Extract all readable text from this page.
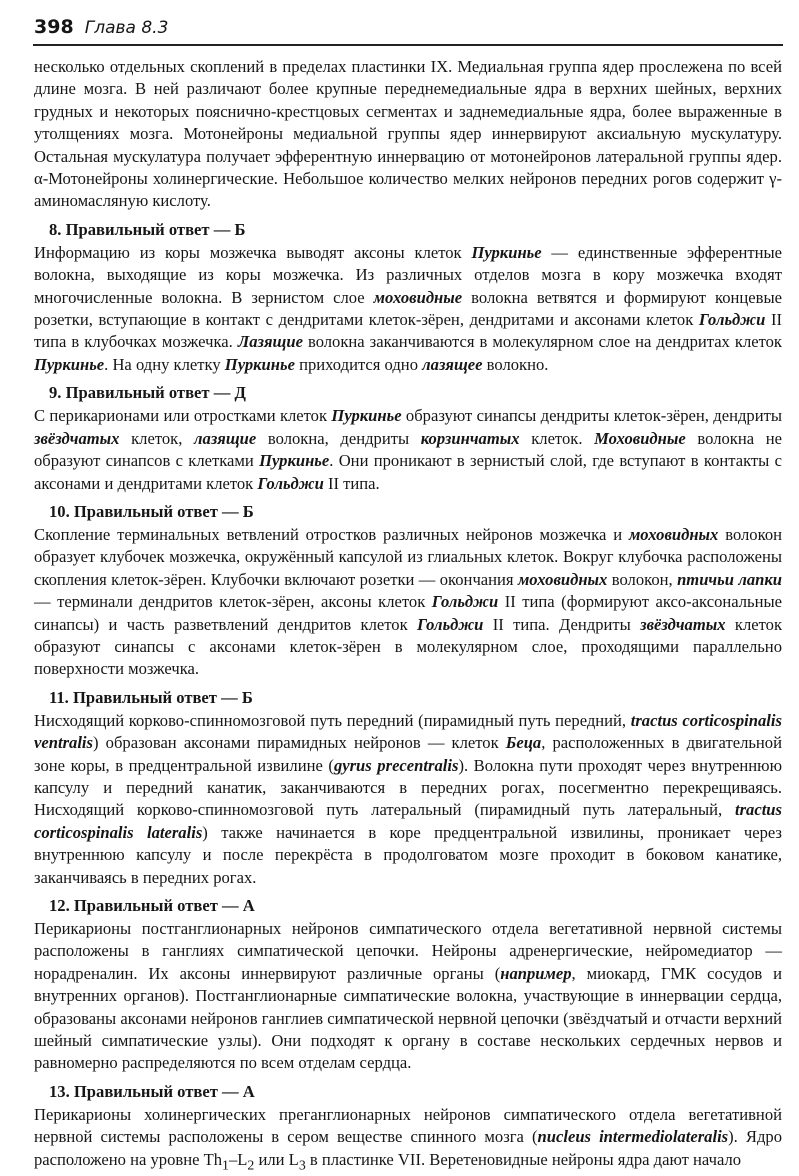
398 Глава 8.3

несколько отдельных скоплений в пределах пластинки IX. Медиальная группа ядер прослежена по всей длине мозга. В ней различают более крупные переднемедиальные ядра в верхних шейных, верхних грудных и некоторых пояснично-крестцовых сегментах и заднемедиальные ядра, более выраженные в утолщениях мозга. Мотонейроны медиальной группы ядер иннервируют аксиальную мускулатуру. Остальная мускулатура получает эфферентную иннервацию от мотонейронов латеральной группы ядер. α-Мотонейроны холинергические. Небольшое количество мелких нейронов передних рогов содержит γ-аминомасляную кислоту.

8. Правильный ответ — Б

Информацию из коры мозжечка выводят аксоны клеток Пуркинье — единственные эфферентные волокна, выходящие из коры мозжечка. Из различных отделов мозга в кору мозжечка входят многочисленные волокна. В зернистом слое моховидные волокна ветвятся и формируют концевые розетки, вступающие в контакт с дендритами клеток-зёрен, дендритами и аксонами клеток Гольджи II типа в клубочках мозжечка. Лазящие волокна заканчиваются в молекулярном слое на дендритах клеток Пуркинье. На одну клетку Пуркинье приходится одно лазящее волокно.

9. Правильный ответ — Д

С перикарионами или отростками клеток Пуркинье образуют синапсы дендриты клеток-зёрен, дендриты звёздчатых клеток, лазящие волокна, дендриты корзинчатых клеток. Моховидные волокна не образуют синапсов с клетками Пуркинье. Они проникают в зернистый слой, где вступают в контакты с аксонами и дендритами клеток Гольджи II типа.

10. Правильный ответ — Б

Скопление терминальных ветвлений отростков различных нейронов мозжечка и моховидных волокон образует клубочек мозжечка, окружённый капсулой из глиальных клеток. Вокруг клубочка расположены скопления клеток-зёрен. Клубочки включают розетки — окончания моховидных волокон, птичьи лапки — терминали дендритов клеток-зёрен, аксоны клеток Гольджи II типа (формируют аксо-аксональные синапсы) и часть разветвлений дендритов клеток Гольджи II типа. Дендриты звёздчатых клеток образуют синапсы с аксонами клеток-зёрен в молекулярном слое, проходящими параллельно поверхности мозжечка.

11. Правильный ответ — Б

Нисходящий корково-спинномозговой путь передний (пирамидный путь передний, tractus corticospinalis ventralis) образован аксонами пирамидных нейронов — клеток Беца, расположенных в двигательной зоне коры, в предцентральной извилине (gyrus precentralis). Волокна пути проходят через внутреннюю капсулу и передний канатик, заканчиваются в передних рогах, посегментно перекрещиваясь. Нисходящий корково-спинномозговой путь латеральный (пирамидный путь латеральный, tractus corticospinalis lateralis) также начинается в коре предцентральной извилины, проникает через внутреннюю капсулу и после перекрёста в продолговатом мозге проходит в боковом канатике, заканчиваясь в передних рогах.

12. Правильный ответ — А

Перикарионы постганглионарных нейронов симпатического отдела вегетативной нервной системы расположены в ганглиях симпатической цепочки. Нейроны адренергические, нейромедиатор — норадреналин. Их аксоны иннервируют различные органы (например, миокард, ГМК сосудов и внутренних органов). Постганглионарные симпатические волокна, участвующие в иннервации сердца, образованы аксонами нейронов ганглиев симпатической нервной цепочки (звёздчатый и отчасти верхний шейный симпатические узлы). Они подходят к органу в составе нескольких сердечных нервов и равномерно распределяются по всем отделам сердца.

13. Правильный ответ — А

Перикарионы холинергических преганглионарных нейронов симпатического отдела вегетативной нервной системы расположены в сером веществе спинного мозга (nucleus intermediolateralis). Ядро расположено на уровне $Th_1-L_2$ или $L_3$ в пластинке VII. Веретеновидные нейроны ядра дают начало
